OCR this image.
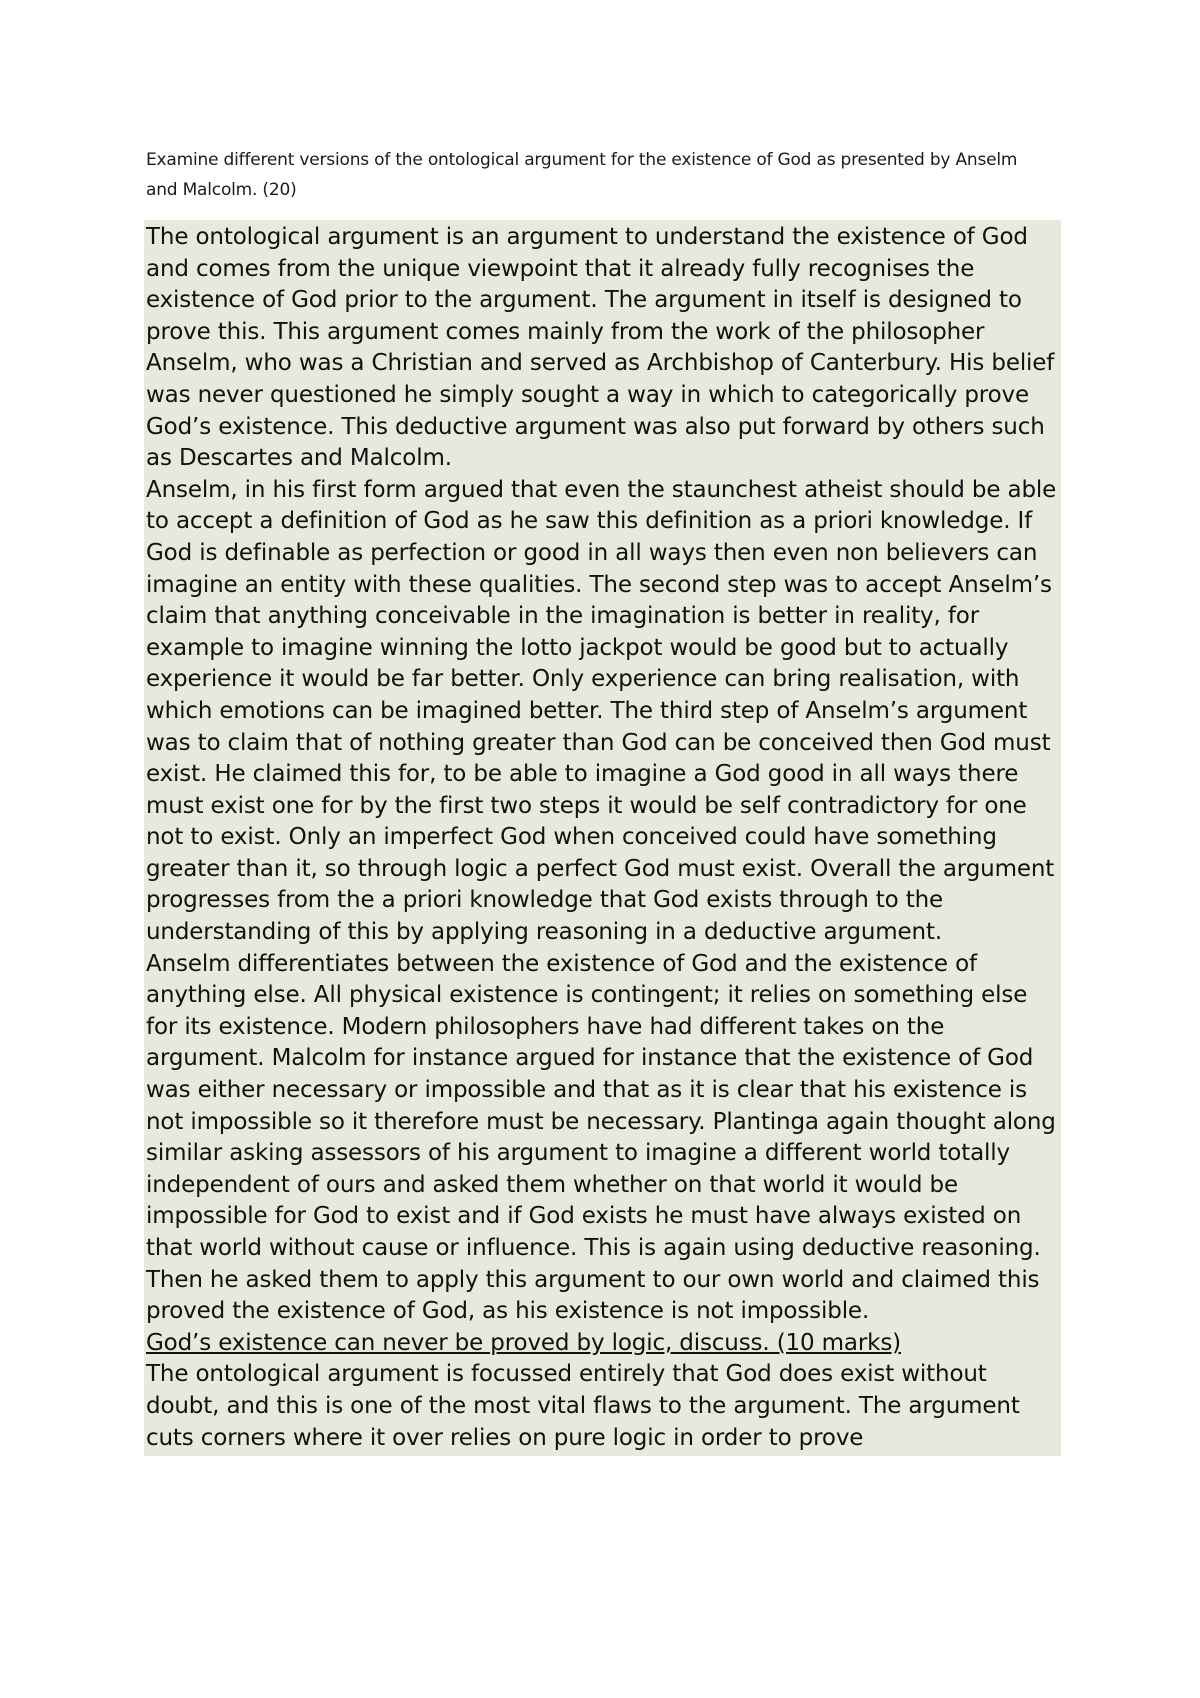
Examine different versions of the ontological argument for the existence of God as presented by Anselm and Malcolm. (20)

The ontological argument is an argument to understand the existence of God and comes from the unique viewpoint that it already fully recognises the existence of God prior to the argument. The argument in itself is designed to prove this. This argument comes mainly from the work of the philosopher Anselm, who was a Christian and served as Archbishop of Canterbury. His belief was never questioned he simply sought a way in which to categorically prove God’s existence. This deductive argument was also put forward by others such as Descartes and Malcolm.

Anselm, in his first form argued that even the staunchest atheist should be able to accept a definition of God as he saw this definition as a priori knowledge. If God is definable as perfection or good in all ways then even non believers can imagine an entity with these qualities. The second step was to accept Anselm’s claim that anything conceivable in the imagination is better in reality, for example to imagine winning the lotto jackpot would be good but to actually experience it would be far better. Only experience can bring realisation, with which emotions can be imagined better. The third step of Anselm’s argument was to claim that of nothing greater than God can be conceived then God must exist. He claimed this for, to be able to imagine a God good in all ways there must exist one for by the first two steps it would be self contradictory for one not to exist. Only an imperfect God when conceived could have something greater than it, so through logic a perfect God must exist. Overall the argument progresses from the a priori knowledge that God exists through to the understanding of this by applying reasoning in a deductive argument.

Anselm differentiates between the existence of God and the existence of anything else. All physical existence is contingent; it relies on something else for its existence. Modern philosophers have had different takes on the argument. Malcolm for instance argued for instance that the existence of God was either necessary or impossible and that as it is clear that his existence is not impossible so it therefore must be necessary. Plantinga again thought along similar asking assessors of his argument to imagine a different world totally independent of ours and asked them whether on that world it would be impossible for God to exist and if God exists he must have always existed on that world without cause or influence. This is again using deductive reasoning. Then he asked them to apply this argument to our own world and claimed this proved the existence of God, as his existence is not impossible.

God’s existence can never be proved by logic, discuss. (10 marks)

The ontological argument is focussed entirely that God does exist without doubt, and this is one of the most vital flaws to the argument. The argument cuts corners where it over relies on pure logic in order to prove
